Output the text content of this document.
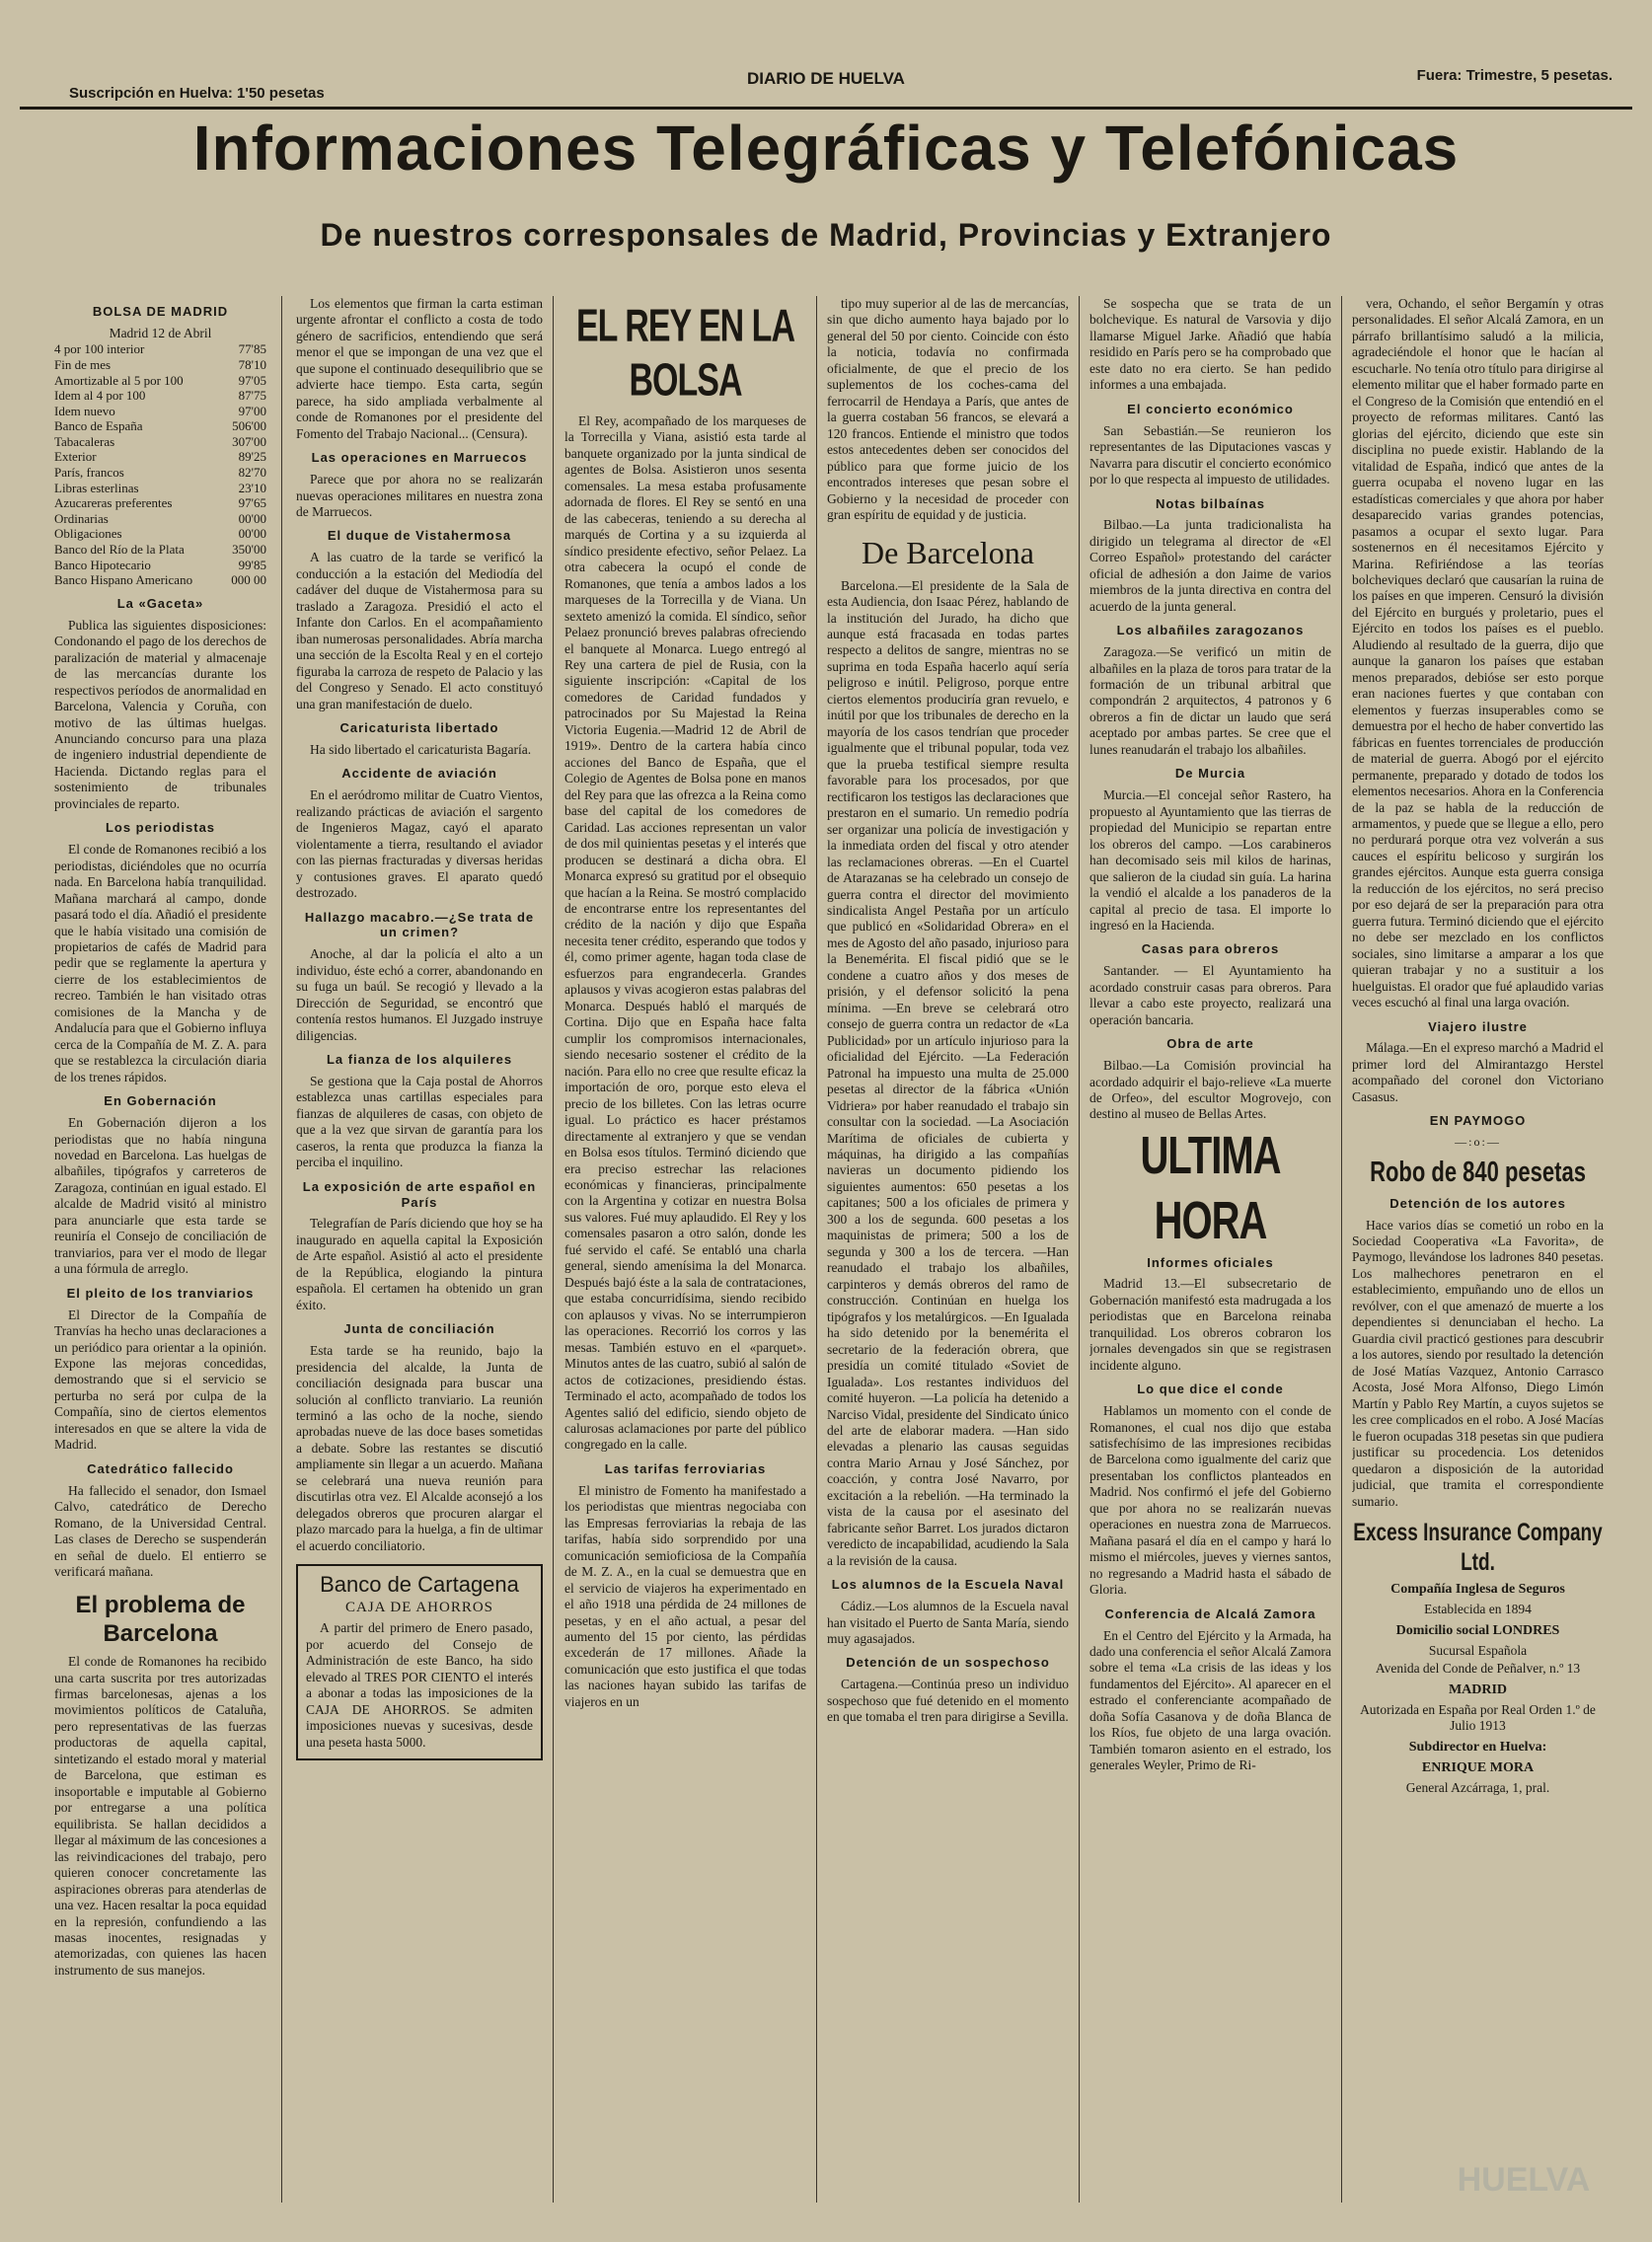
Suscripción en Huelva: 1'50 pesetas
DIARIO DE HUELVA	Fuera: Trimestre, 5 pesetas.
Informaciones Telegráficas y Telefónicas
De nuestros corresponsales de Madrid, Provincias y Extranjero
BOLSA DE MADRID
Madrid 12 de Abril
4 por 100 interior	77'85
Fin de mes	78'10
Amortizable al 5 por 100	97'05
Idem al 4 por 100	87'75
Idem nuevo	97'00
Banco de España	506'00
Tabacaleras	307'00
Exterior	89'25
París, francos	82'70
Libras esterlinas	23'10
Azucareras preferentes	97'65
Ordinarias	00'00
Obligaciones	00'00
Banco del Río de la Plata	350'00
Banco Hipotecario	99'85
Banco Hispano Americano	000 00
La «Gaceta»

Publica las siguientes disposiciones: Condonando el pago de los derechos de paralización de material y almacenaje de las mercancías durante los respectivos períodos de anormalidad en Barcelona, Valencia y Coruña, con motivo de las últimas huelgas. Anunciando concurso para una plaza de ingeniero industrial dependiente de Hacienda. Dictando reglas para el sostenimiento de tribunales provinciales de reparto.

Los periodistas

El conde de Romanones recibió a los periodistas, diciéndoles que no ocurría nada. En Barcelona había tranquilidad. Mañana marchará al campo, donde pasará todo el día. Añadió el presidente que le había visitado una comisión de propietarios de cafés de Madrid para pedir que se reglamente la apertura y cierre de los establecimientos de recreo. También le han visitado otras comisiones de la Mancha y de Andalucía para que el Gobierno influya cerca de la Compañía de M. Z. A. para que se restablezca la circulación diaria de los trenes rápidos.

En Gobernación

En Gobernación dijeron a los periodistas que no había ninguna novedad en Barcelona. Las huelgas de albañiles, tipógrafos y carreteros de Zaragoza, continúan en igual estado. El alcalde de Madrid visitó al ministro para anunciarle que esta tarde se reuniría el Consejo de conciliación de tranviarios, para ver el modo de llegar a una fórmula de arreglo.

El pleito de los tranviarios

El Director de la Compañía de Tranvías ha hecho unas declaraciones a un periódico para orientar a la opinión. Expone las mejoras concedidas, demostrando que si el servicio se perturba no será por culpa de la Compañía, sino de ciertos elementos interesados en que se altere la vida de Madrid.

Catedrático fallecido

Ha fallecido el senador, don Ismael Calvo, catedrático de Derecho Romano, de la Universidad Central. Las clases de Derecho se suspenderán en señal de duelo. El entierro se verificará mañana.

El problema de Barcelona

El conde de Romanones ha recibido una carta suscrita por tres autorizadas firmas barcelonesas, ajenas a los movimientos políticos de Cataluña, pero representativas de las fuerzas productoras de aquella capital, sintetizando el estado moral y material de Barcelona, que estiman es insoportable e imputable al Gobierno por entregarse a una política equilibrista. Se hallan decididos a llegar al máximum de las concesiones a las reivindicaciones del trabajo, pero quieren conocer concretamente las aspiraciones obreras para atenderlas de una vez. Hacen resaltar la poca equidad en la represión, confundiendo a las masas inocentes, resignadas y atemorizadas, con quienes las hacen instrumento de sus manejos.

Los elementos que firman la carta estiman urgente afrontar el conflicto a costa de todo género de sacrificios, entendiendo que será menor el que se impongan de una vez que el que supone el continuado desequilibrio que se advierte hace tiempo. Esta carta, según parece, ha sido ampliada verbalmente al conde de Romanones por el presidente del Fomento del Trabajo Nacional... (Censura).

Las operaciones en Marruecos

Parece que por ahora no se realizarán nuevas operaciones militares en nuestra zona de Marruecos.

El duque de Vistahermosa

A las cuatro de la tarde se verificó la conducción a la estación del Mediodía del cadáver del duque de Vistahermosa para su traslado a Zaragoza. Presidió el acto el Infante don Carlos. En el acompañamiento iban numerosas personalidades. Abría marcha una sección de la Escolta Real y en el cortejo figuraba la carroza de respeto de Palacio y las del Congreso y Senado. El acto constituyó una gran manifestación de duelo.

Caricaturista libertado

Ha sido libertado el caricaturista Bagaría.

Accidente de aviación

En el aeródromo militar de Cuatro Vientos, realizando prácticas de aviación el sargento de Ingenieros Magaz, cayó el aparato violentamente a tierra, resultando el aviador con las piernas fracturadas y diversas heridas y contusiones graves. El aparato quedó destrozado.

Hallazgo macabro.—¿Se trata de un crimen?

Anoche, al dar la policía el alto a un individuo, éste echó a correr, abandonando en su fuga un baúl. Se recogió y llevado a la Dirección de Seguridad, se encontró que contenía restos humanos. El Juzgado instruye diligencias.

La fianza de los alquileres

Se gestiona que la Caja postal de Ahorros establezca unas cartillas especiales para fianzas de alquileres de casas, con objeto de que a la vez que sirvan de garantía para los caseros, la renta que produzca la fianza la perciba el inquilino.

La exposición de arte español en París

Telegrafían de París diciendo que hoy se ha inaugurado en aquella capital la Exposición de Arte español. Asistió al acto el presidente de la República, elogiando la pintura española. El certamen ha obtenido un gran éxito.

Junta de conciliación

Esta tarde se ha reunido, bajo la presidencia del alcalde, la Junta de conciliación designada para buscar una solución al conflicto tranviario. La reunión terminó a las ocho de la noche, siendo aprobadas nueve de las doce bases sometidas a debate. Sobre las restantes se discutió ampliamente sin llegar a un acuerdo. Mañana se celebrará una nueva reunión para discutirlas otra vez. El Alcalde aconsejó a los delegados obreros que procuren alargar el plazo marcado para la huelga, a fin de ultimar el acuerdo conciliatorio.

Banco de Cartagena
CAJA DE AHORROS

A partir del primero de Enero pasado, por acuerdo del Consejo de Administración de este Banco, ha sido elevado al TRES POR CIENTO el interés a abonar a todas las imposiciones de la CAJA DE AHORROS. Se admiten imposiciones nuevas y sucesivas, desde una peseta hasta 5000.

EL REY EN LA BOLSA

El Rey, acompañado de los marqueses de la Torrecilla y Viana, asistió esta tarde al banquete organizado por la junta sindical de agentes de Bolsa. Asistieron unos sesenta comensales. La mesa estaba profusamente adornada de flores. El Rey se sentó en una de las cabeceras, teniendo a su derecha al marqués de Cortina y a su izquierda al síndico presidente efectivo, señor Pelaez. La otra cabecera la ocupó el conde de Romanones, que tenía a ambos lados a los marqueses de la Torrecilla y de Viana. Un sexteto amenizó la comida. El síndico, señor Pelaez pronunció breves palabras ofreciendo el banquete al Monarca. Luego entregó al Rey una cartera de piel de Rusia, con la siguiente inscripción: «Capital de los comedores de Caridad fundados y patrocinados por Su Majestad la Reina Victoria Eugenia.—Madrid 12 de Abril de 1919». Dentro de la cartera había cinco acciones del Banco de España, que el Colegio de Agentes de Bolsa pone en manos del Rey para que las ofrezca a la Reina como base del capital de los comedores de Caridad. Las acciones representan un valor de dos mil quinientas pesetas y el interés que producen se destinará a dicha obra. El Monarca expresó su gratitud por el obsequio que hacían a la Reina. Se mostró complacido de encontrarse entre los representantes del crédito de la nación y dijo que España necesita tener crédito, esperando que todos y él, como primer agente, hagan toda clase de esfuerzos para engrandecerla. Grandes aplausos y vivas acogieron estas palabras del Monarca. Después habló el marqués de Cortina. Dijo que en España hace falta cumplir los compromisos internacionales, siendo necesario sostener el crédito de la nación. Para ello no cree que resulte eficaz la importación de oro, porque esto eleva el precio de los billetes. Con las letras ocurre igual. Lo práctico es hacer préstamos directamente al extranjero y que se vendan en Bolsa esos títulos. Terminó diciendo que era preciso estrechar las relaciones económicas y financieras, principalmente con la Argentina y cotizar en nuestra Bolsa sus valores. Fué muy aplaudido. El Rey y los comensales pasaron a otro salón, donde les fué servido el café. Se entabló una charla general, siendo amenísima la del Monarca. Después bajó éste a la sala de contrataciones, que estaba concurridísima, siendo recibido con aplausos y vivas. No se interrumpieron las operaciones. Recorrió los corros y las mesas. También estuvo en el «parquet». Minutos antes de las cuatro, subió al salón de actos de cotizaciones, presidiendo éstas. Terminado el acto, acompañado de todos los Agentes salió del edificio, siendo objeto de calurosas aclamaciones por parte del público congregado en la calle.

Las tarifas ferroviarias

El ministro de Fomento ha manifestado a los periodistas que mientras negociaba con las Empresas ferroviarias la rebaja de las tarifas, había sido sorprendido por una comunicación semioficiosa de la Compañía de M. Z. A., en la cual se demuestra que en el servicio de viajeros ha experimentado en el año 1918 una pérdida de 24 millones de pesetas, y en el año actual, a pesar del aumento del 15 por ciento, las pérdidas excederán de 17 millones. Añade la comunicación que esto justifica el que todas las naciones hayan subido las tarifas de viajeros en un

tipo muy superior al de las de mercancías, sin que dicho aumento haya bajado por lo general del 50 por ciento. Coincide con ésto la noticia, todavía no confirmada oficialmente, de que el precio de los suplementos de los coches-cama del ferrocarril de Hendaya a París, que antes de la guerra costaban 56 francos, se elevará a 120 francos. Entiende el ministro que todos estos antecedentes deben ser conocidos del público para que forme juicio de los encontrados intereses que pesan sobre el Gobierno y la necesidad de proceder con gran espíritu de equidad y de justicia.

De Barcelona

Barcelona.—El presidente de la Sala de esta Audiencia, don Isaac Pérez, hablando de la institución del Jurado, ha dicho que aunque está fracasada en todas partes respecto a delitos de sangre, mientras no se suprima en toda España hacerlo aquí sería peligroso e inútil. Peligroso, porque entre ciertos elementos produciría gran revuelo, e inútil por que los tribunales de derecho en la mayoría de los casos tendrían que proceder igualmente que el tribunal popular, toda vez que la prueba testifical siempre resulta favorable para los procesados, por que rectificaron los testigos las declaraciones que prestaron en el sumario. Un remedio podría ser organizar una policía de investigación y la inmediata orden del fiscal y otro atender las reclamaciones obreras. —En el Cuartel de Atarazanas se ha celebrado un consejo de guerra contra el director del movimiento sindicalista Angel Pestaña por un artículo que publicó en «Solidaridad Obrera» en el mes de Agosto del año pasado, injurioso para la Benemérita. El fiscal pidió que se le condene a cuatro años y dos meses de prisión, y el defensor solicitó la pena mínima. —En breve se celebrará otro consejo de guerra contra un redactor de «La Publicidad» por un artículo injurioso para la oficialidad del Ejército. —La Federación Patronal ha impuesto una multa de 25.000 pesetas al director de la fábrica «Unión Vidriera» por haber reanudado el trabajo sin consultar con la sociedad. —La Asociación Marítima de oficiales de cubierta y máquinas, ha dirigido a las compañías navieras un documento pidiendo los siguientes aumentos: 650 pesetas a los capitanes; 500 a los oficiales de primera y 300 a los de segunda. 600 pesetas a los maquinistas de primera; 500 a los de segunda y 300 a los de tercera. —Han reanudado el trabajo los albañiles, carpinteros y demás obreros del ramo de construcción. Continúan en huelga los tipógrafos y los metalúrgicos. —En Igualada ha sido detenido por la benemérita el secretario de la federación obrera, que presidía un comité titulado «Soviet de Igualada». Los restantes individuos del comité huyeron. —La policía ha detenido a Narciso Vidal, presidente del Sindicato único del arte de elaborar madera. —Han sido elevadas a plenario las causas seguidas contra Mario Arnau y José Sánchez, por coacción, y contra José Navarro, por excitación a la rebelión. —Ha terminado la vista de la causa por el asesinato del fabricante señor Barret. Los jurados dictaron veredicto de incapabilidad, acudiendo la Sala a la revisión de la causa.

Los alumnos de la Escuela Naval

Cádiz.—Los alumnos de la Escuela naval han visitado el Puerto de Santa María, siendo muy agasajados.

Detención de un sospechoso

Cartagena.—Continúa preso un individuo sospechoso que fué detenido en el momento en que tomaba el tren para dirigirse a Sevilla.

Se sospecha que se trata de un bolchevique. Es natural de Varsovia y dijo llamarse Miguel Jarke. Añadió que había residido en París pero se ha comprobado que este dato no era cierto. Se han pedido informes a una embajada.

El concierto económico

San Sebastián.—Se reunieron los representantes de las Diputaciones vascas y Navarra para discutir el concierto económico por lo que respecta al impuesto de utilidades.

Notas bilbaínas

Bilbao.—La junta tradicionalista ha dirigido un telegrama al director de «El Correo Español» protestando del carácter oficial de adhesión a don Jaime de varios miembros de la junta directiva en contra del acuerdo de la junta general.

Los albañiles zaragozanos

Zaragoza.—Se verificó un mitin de albañiles en la plaza de toros para tratar de la formación de un tribunal arbitral que compondrán 2 arquitectos, 4 patronos y 6 obreros a fin de dictar un laudo que será aceptado por ambas partes. Se cree que el lunes reanudarán el trabajo los albañiles.

De Murcia

Murcia.—El concejal señor Rastero, ha propuesto al Ayuntamiento que las tierras de propiedad del Municipio se repartan entre los obreros del campo. —Los carabineros han decomisado seis mil kilos de harinas, que salieron de la ciudad sin guía. La harina la vendió el alcalde a los panaderos de la capital al precio de tasa. El importe lo ingresó en la Hacienda.

Casas para obreros

Santander. — El Ayuntamiento ha acordado construir casas para obreros. Para llevar a cabo este proyecto, realizará una operación bancaria.

Obra de arte

Bilbao.—La Comisión provincial ha acordado adquirir el bajo-relieve «La muerte de Orfeo», del escultor Mogrovejo, con destino al museo de Bellas Artes.

ULTIMA HORA
Informes oficiales

Madrid 13.—El subsecretario de Gobernación manifestó esta madrugada a los periodistas que en Barcelona reinaba tranquilidad. Los obreros cobraron los jornales devengados sin que se registrasen incidente alguno.

Lo que dice el conde

Hablamos un momento con el conde de Romanones, el cual nos dijo que estaba satisfechísimo de las impresiones recibidas de Barcelona como igualmente del cariz que presentaban los conflictos planteados en Madrid. Nos confirmó el jefe del Gobierno que por ahora no se realizarán nuevas operaciones en nuestra zona de Marruecos. Mañana pasará el día en el campo y hará lo mismo el miércoles, jueves y viernes santos, no regresando a Madrid hasta el sábado de Gloria.

Conferencia de Alcalá Zamora

En el Centro del Ejército y la Armada, ha dado una conferencia el señor Alcalá Zamora sobre el tema «La crisis de las ideas y los fundamentos del Ejército». Al aparecer en el estrado el conferenciante acompañado de doña Sofía Casanova y de doña Blanca de los Ríos, fue objeto de una larga ovación. También tomaron asiento en el estrado, los generales Weyler, Primo de Ri-

vera, Ochando, el señor Bergamín y otras personalidades. El señor Alcalá Zamora, en un párrafo brillantísimo saludó a la milicia, agradeciéndole el honor que le hacían al escucharle. No tenía otro título para dirigirse al elemento militar que el haber formado parte en el Congreso de la Comisión que entendió en el proyecto de reformas militares. Cantó las glorias del ejército, diciendo que este sin disciplina no puede existir. Hablando de la vitalidad de España, indicó que antes de la guerra ocupaba el noveno lugar en las estadísticas comerciales y que ahora por haber desaparecido varias grandes potencias, pasamos a ocupar el sexto lugar. Para sostenernos en él necesitamos Ejército y Marina. Refiriéndose a las teorías bolcheviques declaró que causarían la ruina de los países en que imperen. Censuró la división del Ejército en burgués y proletario, pues el Ejército en todos los países es el pueblo. Aludiendo al resultado de la guerra, dijo que aunque la ganaron los países que estaban menos preparados, debióse ser esto porque eran naciones fuertes y que contaban con elementos y fuerzas insuperables como se demuestra por el hecho de haber convertido las fábricas en fuentes torrenciales de producción de material de guerra. Abogó por el ejército permanente, preparado y dotado de todos los elementos necesarios. Ahora en la Conferencia de la paz se habla de la reducción de armamentos, y puede que se llegue a ello, pero no perdurará porque otra vez volverán a sus cauces el espíritu belicoso y surgirán los grandes ejércitos. Aunque esta guerra consiga la reducción de los ejércitos, no será preciso por eso dejará de ser la preparación para otra guerra futura. Terminó diciendo que el ejército no debe ser mezclado en los conflictos sociales, sino limitarse a amparar a los que quieran trabajar y no a sustituir a los huelguistas. El orador que fué aplaudido varias veces escuchó al final una larga ovación.

Viajero ilustre

Málaga.—En el expreso marchó a Madrid el primer lord del Almirantazgo Herstel acompañado del coronel don Victoriano Casasus.

EN PAYMOGO
—:o:—
Robo de 840 pesetas
Detención de los autores

Hace varios días se cometió un robo en la Sociedad Cooperativa «La Favorita», de Paymogo, llevándose los ladrones 840 pesetas. Los malhechores penetraron en el establecimiento, empuñando uno de ellos un revólver, con el que amenazó de muerte a los dependientes si denunciaban el hecho. La Guardia civil practicó gestiones para descubrir a los autores, siendo por resultado la detención de José Matías Vazquez, Antonio Carrasco Acosta, José Mora Alfonso, Diego Limón Martín y Pablo Rey Martín, a cuyos sujetos se les cree complicados en el robo. A José Macías le fueron ocupadas 318 pesetas sin que pudiera justificar su procedencia. Los detenidos quedaron a disposición de la autoridad judicial, que tramita el correspondiente sumario.

Excess Insurance Company Ltd.
Compañía Inglesa de Seguros
Establecida en 1894
Domicilio social LONDRES
Sucursal Española
Avenida del Conde de Peñalver, n.º 13
MADRID
Autorizada en España por Real Orden 1.º de Julio 1913
Subdirector en Huelva:
ENRIQUE MORA
General Azcárraga, 1, pral.
HUELVA
